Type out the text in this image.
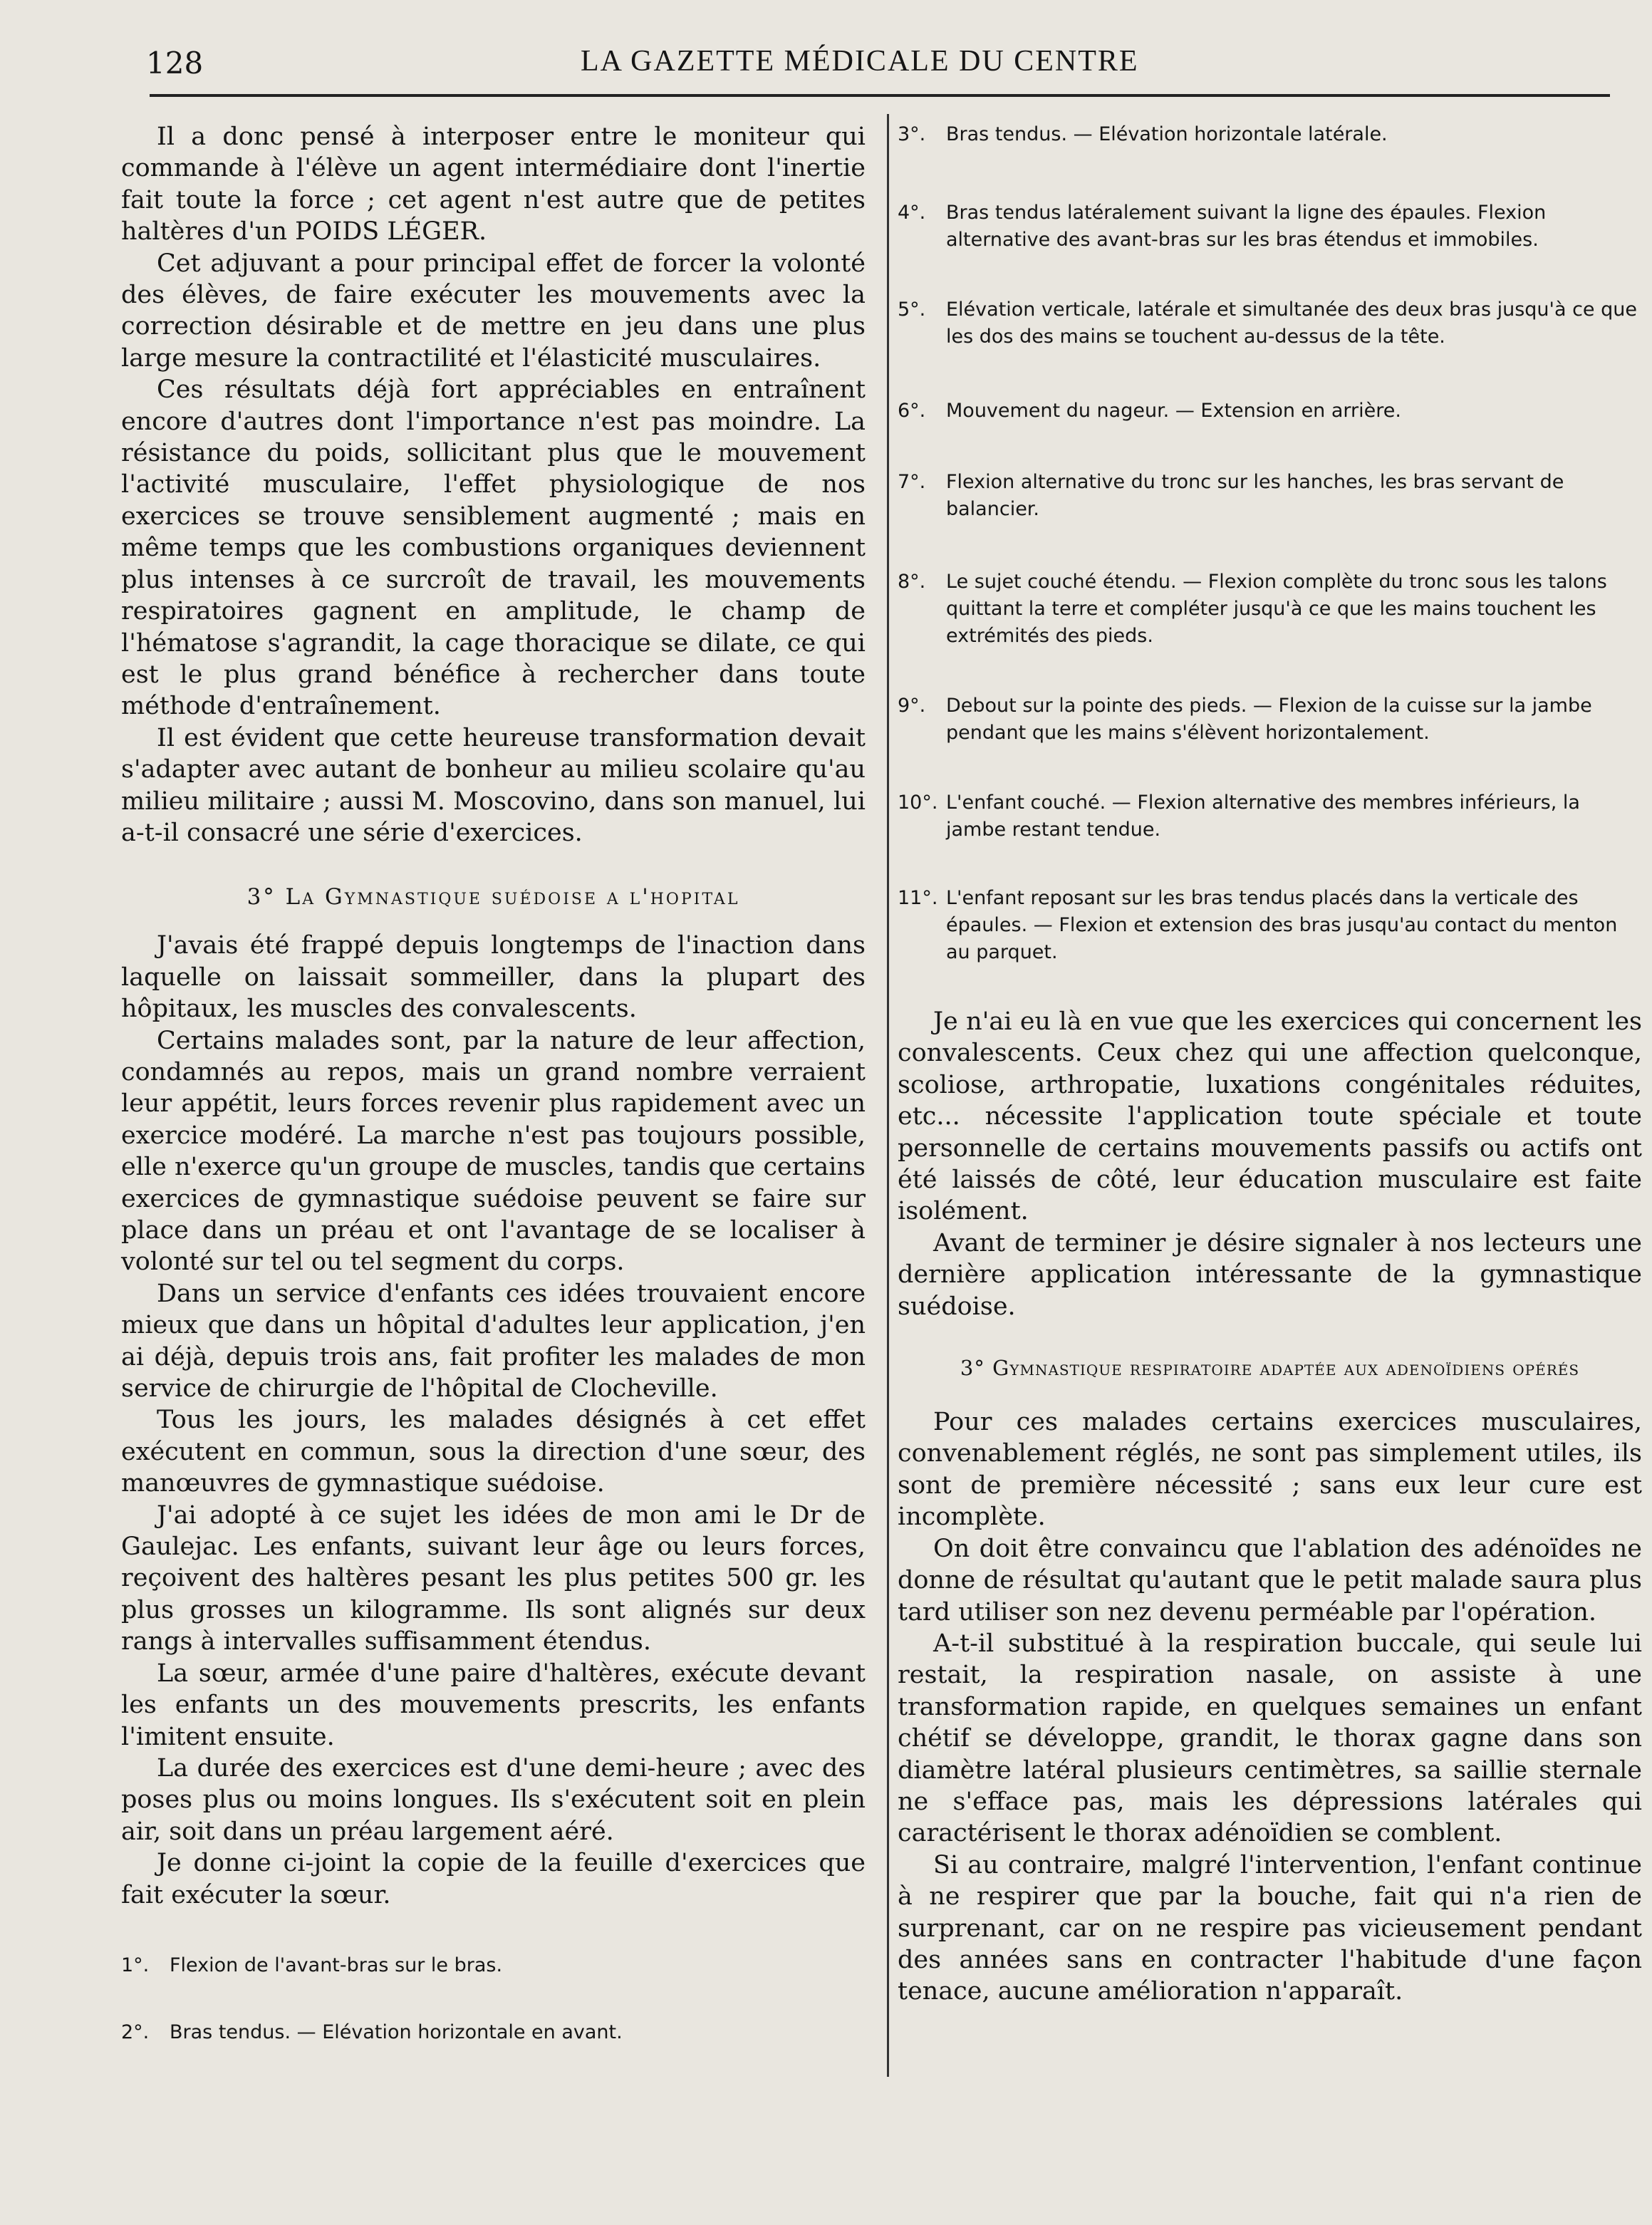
128	LA GAZETTE MÉDICALE DU CENTRE

Il a donc pensé à interposer entre le moniteur qui commande à l'élève un agent intermédiaire dont l'inertie fait toute la force ; cet agent n'est autre que de petites haltères d'un POIDS LÉGER.

Cet adjuvant a pour principal effet de forcer la volonté des élèves, de faire exécuter les mouvements avec la correction désirable et de mettre en jeu dans une plus large mesure la contractilité et l'élasticité musculaires.

Ces résultats déjà fort appréciables en entraînent encore d'autres dont l'importance n'est pas moindre. La résistance du poids, sollicitant plus que le mouvement l'activité musculaire, l'effet physiologique de nos exercices se trouve sensiblement augmenté ; mais en même temps que les combustions organiques deviennent plus intenses à ce surcroît de travail, les mouvements respiratoires gagnent en amplitude, le champ de l'hématose s'agrandit, la cage thoracique se dilate, ce qui est le plus grand bénéfice à rechercher dans toute méthode d'entraînement.

Il est évident que cette heureuse transformation devait s'adapter avec autant de bonheur au milieu scolaire qu'au milieu militaire ; aussi M. Moscovino, dans son manuel, lui a-t-il consacré une série d'exercices.

3° La Gymnastique suédoise a l'hopital

J'avais été frappé depuis longtemps de l'inaction dans laquelle on laissait sommeiller, dans la plupart des hôpitaux, les muscles des convalescents.

Certains malades sont, par la nature de leur affection, condamnés au repos, mais un grand nombre verraient leur appétit, leurs forces revenir plus rapidement avec un exercice modéré. La marche n'est pas toujours possible, elle n'exerce qu'un groupe de muscles, tandis que certains exercices de gymnastique suédoise peuvent se faire sur place dans un préau et ont l'avantage de se localiser à volonté sur tel ou tel segment du corps.

Dans un service d'enfants ces idées trouvaient encore mieux que dans un hôpital d'adultes leur application, j'en ai déjà, depuis trois ans, fait profiter les malades de mon service de chirurgie de l'hôpital de Clocheville.

Tous les jours, les malades désignés à cet effet exécutent en commun, sous la direction d'une sœur, des manœuvres de gymnastique suédoise.

J'ai adopté à ce sujet les idées de mon ami le Dr de Gaulejac. Les enfants, suivant leur âge ou leurs forces, reçoivent des haltères pesant les plus petites 500 gr. les plus grosses un kilogramme. Ils sont alignés sur deux rangs à intervalles suffisamment étendus.

La sœur, armée d'une paire d'haltères, exécute devant les enfants un des mouvements prescrits, les enfants l'imitent ensuite.

La durée des exercices est d'une demi-heure ; avec des poses plus ou moins longues. Ils s'exécutent soit en plein air, soit dans un préau largement aéré.

Je donne ci-joint la copie de la feuille d'exercices que fait exécuter la sœur.

1°.	Flexion de l'avant-bras sur le bras.
2°.	Bras tendus. — Elévation horizontale en avant.
3°.	Bras tendus. — Elévation horizontale latérale.
4°.	Bras tendus latéralement suivant la ligne des épaules. Flexion alternative des avant-bras sur les bras étendus et immobiles.
5°.	Elévation verticale, latérale et simultanée des deux bras jusqu'à ce que les dos des mains se touchent au-dessus de la tête.
6°.	Mouvement du nageur. — Extension en arrière.
7°.	Flexion alternative du tronc sur les hanches, les bras servant de balancier.
8°.	Le sujet couché étendu. — Flexion complète du tronc sous les talons quittant la terre et compléter jusqu'à ce que les mains touchent les extrémités des pieds.
9°.	Debout sur la pointe des pieds. — Flexion de la cuisse sur la jambe pendant que les mains s'élèvent horizontalement.
10°. L'enfant couché. — Flexion alternative des membres inférieurs, la jambe restant tendue.
11°. L'enfant reposant sur les bras tendus placés dans la verticale des épaules. — Flexion et extension des bras jusqu'au contact du menton au parquet.

Je n'ai eu là en vue que les exercices qui concernent les convalescents. Ceux chez qui une affection quelconque, scoliose, arthropatie, luxations congénitales réduites, etc... nécessite l'application toute spéciale et toute personnelle de certains mouvements passifs ou actifs ont été laissés de côté, leur éducation musculaire est faite isolément.

Avant de terminer je désire signaler à nos lecteurs une dernière application intéressante de la gymnastique suédoise.

3° Gymnastique respiratoire adaptée aux adenoïdiens opérés

Pour ces malades certains exercices musculaires, convenablement réglés, ne sont pas simplement utiles, ils sont de première nécessité ; sans eux leur cure est incomplète.

On doit être convaincu que l'ablation des adénoïdes ne donne de résultat qu'autant que le petit malade saura plus tard utiliser son nez devenu perméable par l'opération.

A-t-il substitué à la respiration buccale, qui seule lui restait, la respiration nasale, on assiste à une transformation rapide, en quelques semaines un enfant chétif se développe, grandit, le thorax gagne dans son diamètre latéral plusieurs centimètres, sa saillie sternale ne s'efface pas, mais les dépressions latérales qui caractérisent le thorax adénoïdien se comblent.

Si au contraire, malgré l'intervention, l'enfant continue à ne respirer que par la bouche, fait qui n'a rien de surprenant, car on ne respire pas vicieusement pendant des années sans en contracter l'habitude d'une façon tenace, aucune amélioration n'apparaît.
